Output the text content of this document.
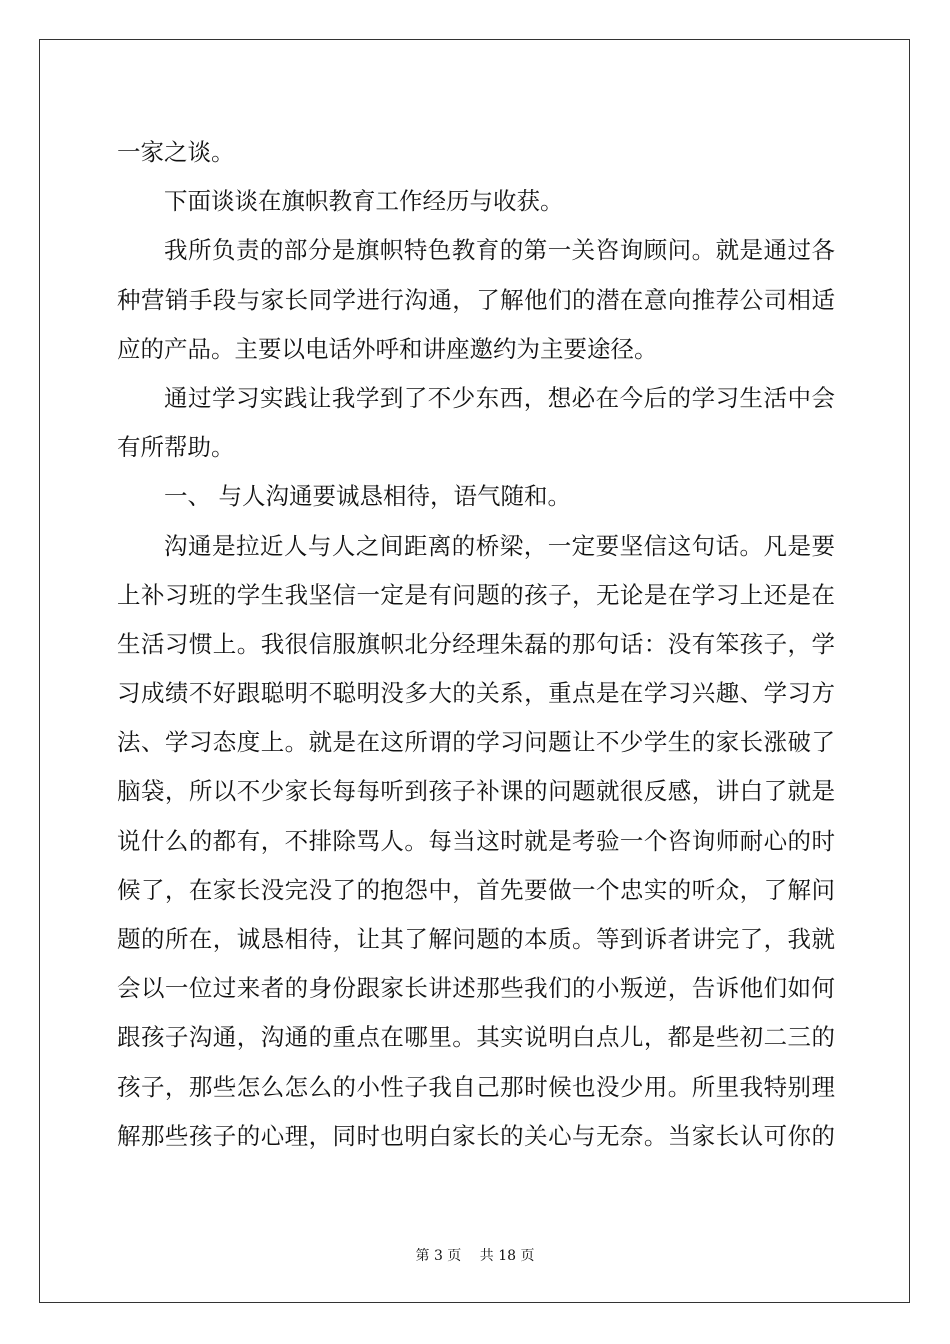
一家之谈。
下面谈谈在旗帜教育工作经历与收获。
我所负责的部分是旗帜特色教育的第一关咨询顾问。就是通过各
种营销手段与家长同学进行沟通，了解他们的潜在意向推荐公司相适
应的产品。主要以电话外呼和讲座邀约为主要途径。
通过学习实践让我学到了不少东西，想必在今后的学习生活中会
有所帮助。
一、 与人沟通要诚恳相待，语气随和。
沟通是拉近人与人之间距离的桥梁，一定要坚信这句话。凡是要
上补习班的学生我坚信一定是有问题的孩子，无论是在学习上还是在
生活习惯上。我很信服旗帜北分经理朱磊的那句话：没有笨孩子，学
习成绩不好跟聪明不聪明没多大的关系，重点是在学习兴趣、学习方
法、学习态度上。就是在这所谓的学习问题让不少学生的家长涨破了
脑袋，所以不少家长每每听到孩子补课的问题就很反感，讲白了就是
说什么的都有，不排除骂人。每当这时就是考验一个咨询师耐心的时
候了，在家长没完没了的抱怨中，首先要做一个忠实的听众，了解问
题的所在，诚恳相待，让其了解问题的本质。等到诉者讲完了，我就
会以一位过来者的身份跟家长讲述那些我们的小叛逆，告诉他们如何
跟孩子沟通，沟通的重点在哪里。其实说明白点儿，都是些初二三的
孩子，那些怎么怎么的小性子我自己那时候也没少用。所里我特别理
解那些孩子的心理，同时也明白家长的关心与无奈。当家长认可你的
第 3 页　 共 18 页
